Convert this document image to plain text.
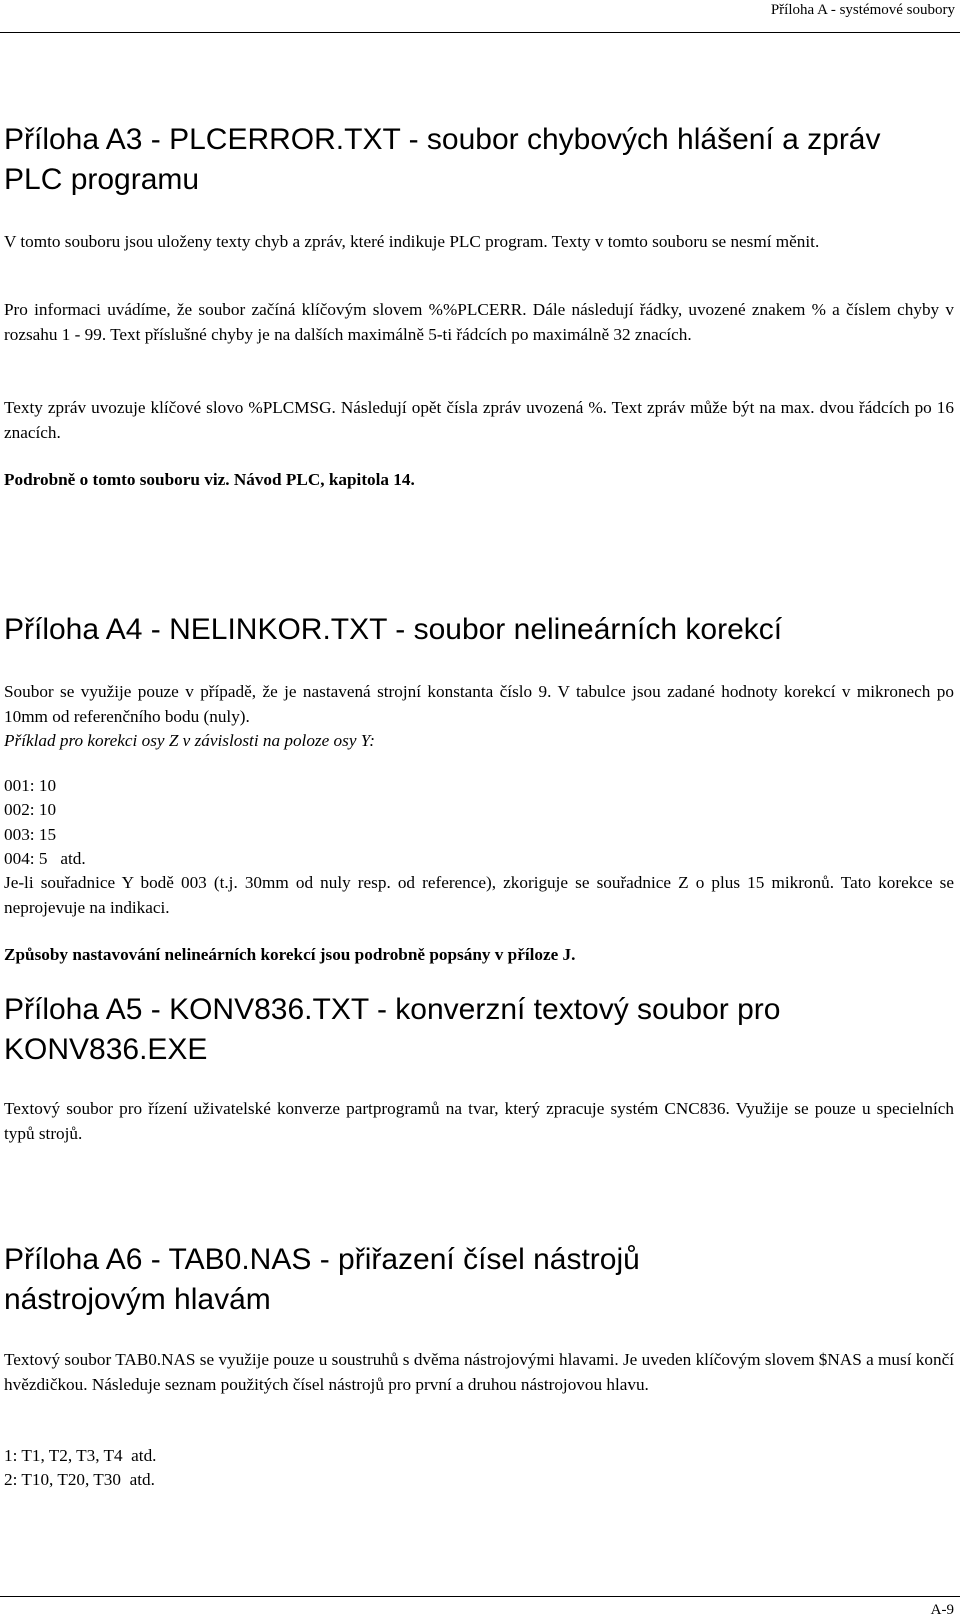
Příloha A - systémové soubory
Příloha A3 - PLCERROR.TXT - soubor chybových hlášení a zpráv PLC programu

V tomto souboru jsou uloženy texty chyb a zpráv, které indikuje PLC program. Texty v tomto souboru se nesmí měnit.

Pro informaci uvádíme, že soubor začíná klíčovým slovem %%PLCERR. Dále následují řádky, uvozené znakem % a číslem chyby v rozsahu 1 - 99. Text příslušné chyby je na dalších maximálně 5-ti řádcích po maximálně 32 znacích.

Texty zpráv uvozuje klíčové slovo %PLCMSG. Následují opět čísla zpráv uvozená %. Text zpráv může být na max. dvou řádcích po 16 znacích.

Podrobně o tomto souboru viz. Návod PLC, kapitola 14.

Příloha A4 - NELINKOR.TXT - soubor nelineárních korekcí

Soubor se využije pouze v případě, že je nastavená strojní konstanta číslo 9. V tabulce jsou zadané hodnoty korekcí v mikronech po 10mm od referenčního bodu (nuly).

Příklad pro korekci osy Z v závislosti na poloze osy Y:

001: 10

002: 10

003: 15

004: 5   atd.

Je-li souřadnice Y bodě 003 (t.j. 30mm od nuly resp. od reference), zkoriguje se souřadnice Z o plus 15 mikronů. Tato korekce se neprojevuje na indikaci.

Způsoby nastavování nelineárních korekcí jsou podrobně popsány v příloze J.

Příloha A5 - KONV836.TXT - konverzní textový soubor pro KONV836.EXE

Textový soubor pro řízení uživatelské konverze partprogramů na tvar, který zpracuje systém CNC836. Využije se pouze u specielních typů strojů.

Příloha A6 - TAB0.NAS - přiřazení čísel nástrojů nástrojovým hlavám

Textový soubor TAB0.NAS se využije pouze u soustruhů s dvěma nástrojovými hlavami. Je uveden klíčovým slovem $NAS a musí končí hvězdičkou. Následuje seznam použitých čísel nástrojů pro první a druhou nástrojovou hlavu.

1: T1, T2, T3, T4  atd.

2: T10, T20, T30  atd.

A-9
